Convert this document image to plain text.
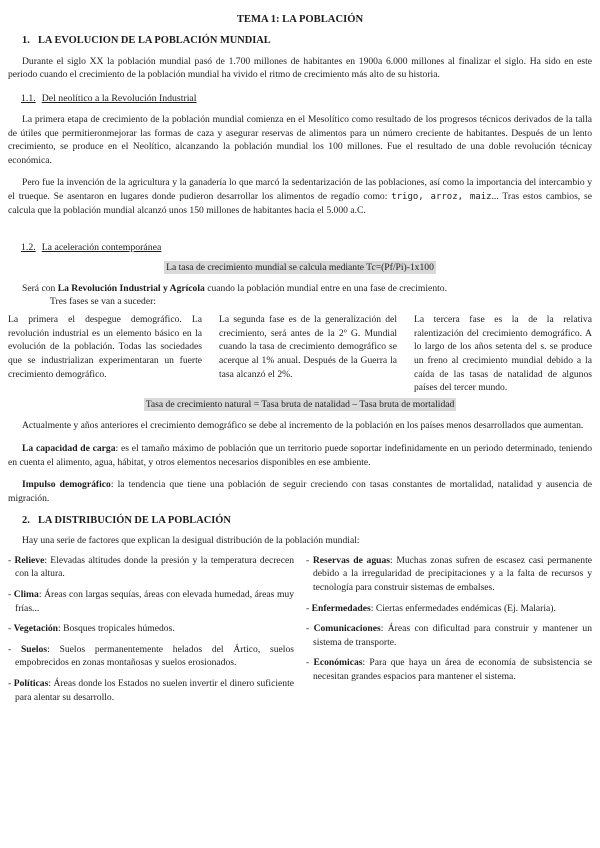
TEMA 1: LA POBLACIÓN
1. LA EVOLUCION DE LA POBLACIÓN MUNDIAL

Durante el siglo XX la población mundial pasó de 1.700 millones de habitantes en 1900a 6.000 millones al finalizar el siglo. Ha sido en este periodo cuando el crecimiento de la población mundial ha vivido el ritmo de crecimiento más alto de su historia.

1.1. Del neolítico a la Revolución Industrial

La primera etapa de crecimiento de la población mundial comienza en el Mesolítico como resultado de los progresos técnicos derivados de la talla de útiles que permitieronmejorar las formas de caza y asegurar reservas de alimentos para un número creciente de habitantes. Después de un lento crecimiento, se produce en el Neolítico, alcanzando la población mundial los 100 millones. Fue el resultado de una doble revolución técnicay económica.

Pero fue la invención de la agricultura y la ganadería lo que marcó la sedentarización de las poblaciones, así como la importancia del intercambio y el trueque. Se asentaron en lugares donde pudieron desarrollar los alimentos de regadío como: trigo, arroz, maiz... Tras estos cambios, se calcula que la población mundial alcanzó unos 150 millones de habitantes hacia el 5.000 a.C.

1.2. La aceleración contemporánea
La tasa de crecimiento mundial se calcula mediante Tc=(Pf/Pi)-1x100

Será con La Revolución Industrial y Agrícola cuando la población mundial entre en una fase de crecimiento.

Tres fases se van a suceder:

La primera el despegue demográfico. La revolución industrial es un elemento básico en la evolución de la población. Todas las sociedades que se industrializan experimentaran un fuerte crecimiento demográfico.

La segunda fase es de la generalización del crecimiento, será antes de la 2º G. Mundial cuando la tasa de crecimiento demográfico se acerque al 1% anual. Después de la Guerra la tasa alcanzó el 2%.

La tercera fase es la de la relativa ralentización del crecimiento demográfico. A lo largo de los años setenta del s. se produce un freno al crecimiento mundial debido a la caída de las tasas de natalidad de algunos países del tercer mundo.

Tasa de crecimiento natural = Tasa bruta de natalidad – Tasa bruta de mortalidad

Actualmente y años anteriores el crecimiento demográfico se debe al incremento de la población en los países menos desarrollados que aumentan.

La capacidad de carga: es el tamaño máximo de población que un territorio puede soportar indefinidamente en un periodo determinado, teniendo en cuenta el alimento, agua, hábitat, y otros elementos necesarios disponibles en ese ambiente.

Impulso demográfico: la tendencia que tiene una población de seguir creciendo con tasas constantes de mortalidad, natalidad y ausencia de migración.

2. LA DISTRIBUCIÓN DE LA POBLACIÓN

Hay una serie de factores que explican la desigual distribución de la población mundial:

- Relieve: Elevadas altitudes donde la presión y la temperatura decrecen con la altura.

- Clima: Áreas con largas sequías, áreas con elevada humedad, áreas muy frías...

- Vegetación: Bosques tropicales húmedos.

- Suelos: Suelos permanentemente helados del Ártico, suelos empobrecidos en zonas montañosas y suelos erosionados.

- Políticas: Áreas donde los Estados no suelen invertir el dinero suficiente para alentar su desarrollo.

- Reservas de aguas: Muchas zonas sufren de escasez casi permanente debido a la irregularidad de precipitaciones y a la falta de recursos y tecnología para construir sistemas de embalses.

- Enfermedades: Ciertas enfermedades endémicas (Ej. Malaria).

- Comunicaciones: Áreas con dificultad para construir y mantener un sistema de transporte.

- Económicas: Para que haya un área de economía de subsistencia se necesitan grandes espacios para mantener el sistema.
